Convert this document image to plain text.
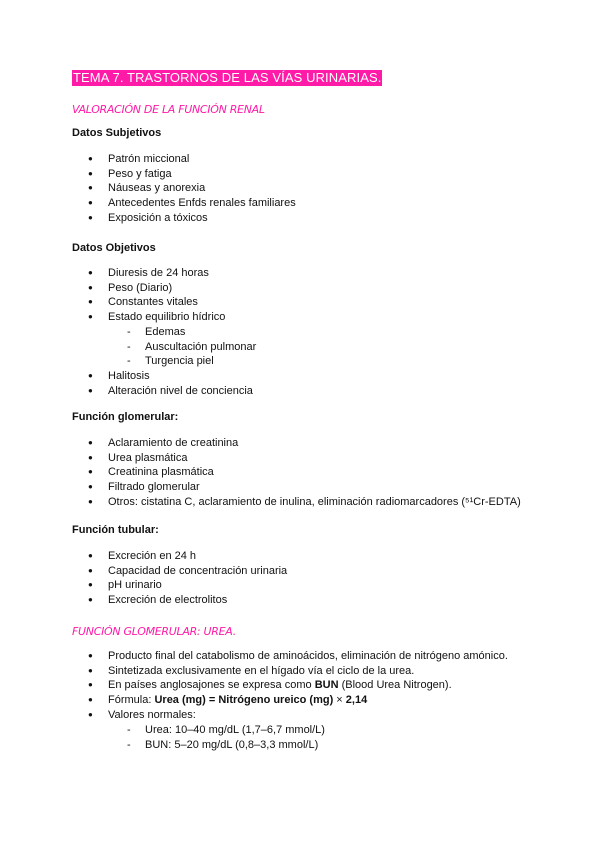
TEMA 7. TRASTORNOS DE LAS VÍAS URINARIAS.
VALORACIÓN DE LA FUNCIÓN RENAL
Datos Subjetivos
● Patrón miccional
● Peso y fatiga
● Náuseas y anorexia
● Antecedentes Enfds renales familiares
● Exposición a tóxicos
Datos Objetivos
● Diuresis de 24 horas
● Peso (Diario)
● Constantes vitales
● Estado equilibrio hídrico
- Edemas
- Auscultación pulmonar
- Turgencia piel
● Halitosis
● Alteración nivel de conciencia
Función glomerular:
● Aclaramiento de creatinina
● Urea plasmática
● Creatinina plasmática
● Filtrado glomerular
● Otros: cistatina C, aclaramiento de inulina, eliminación radiomarcadores (⁵¹Cr-EDTA)
Función tubular:
● Excreción en 24 h
● Capacidad de concentración urinaria
● pH urinario
● Excreción de electrolitos
FUNCIÓN GLOMERULAR: UREA.
● Producto final del catabolismo de aminoácidos, eliminación de nitrógeno amónico.
● Sintetizada exclusivamente en el hígado vía el ciclo de la urea.
● En países anglosajones se expresa como BUN (Blood Urea Nitrogen).
● Fórmula: Urea (mg) = Nitrógeno ureico (mg) × 2,14
● Valores normales:
- Urea: 10–40 mg/dL (1,7–6,7 mmol/L)
- BUN: 5–20 mg/dL (0,8–3,3 mmol/L)
